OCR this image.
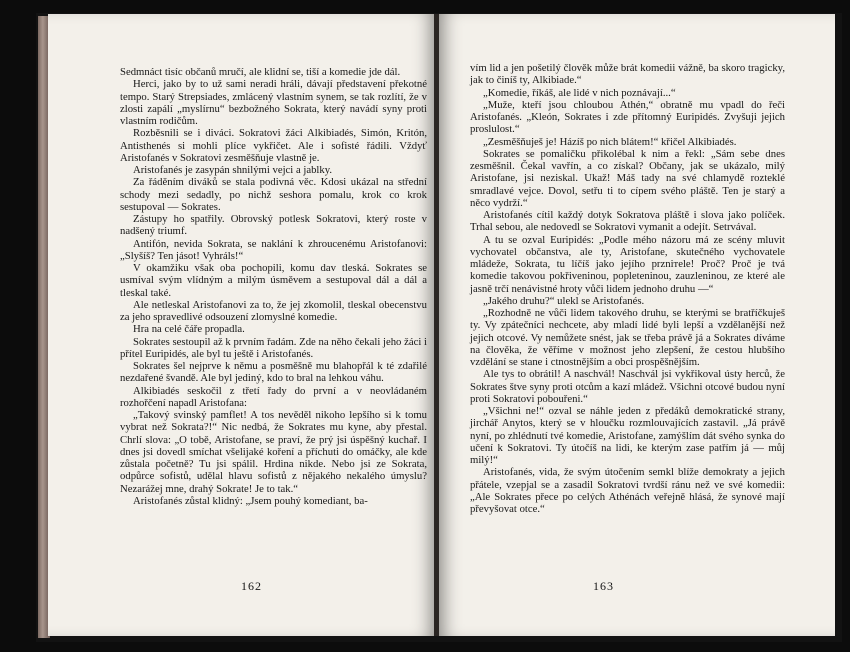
Sedmnáct tisíc občanů mručí, ale klidní se, tiší a komedie jde dál.

Herci, jako by to už sami neradi hráli, dávají představení překotné tempo. Starý Strepsiades, zmlácený vlastním synem, se tak rozlítí, že v zlosti zapálí „myslírnu“ bezbožného Sokrata, který navádí syny proti vlastním rodičům.

Rozběsnili se i diváci. Sokratovi žáci Alkibiadés, Simón, Kritón, Antisthenés si mohli plíce vykřičet. Ale i sofisté řádili. Vždyť Aristofanés v Sokratovi zesměšňuje vlastně je.

Aristofanés je zasypán shnilými vejci a jablky.

Za řáděním diváků se stala podivná věc. Kdosi ukázal na střední schody mezi sedadly, po nichž seshora pomalu, krok co krok sestupoval — Sokrates.

Zástupy ho spatřily. Obrovský potlesk Sokratovi, který roste v nadšený triumf.

Antifón, nevida Sokrata, se naklání k zhroucenému Aristofanovi: „Slyšíš? Ten jásot! Vyhráls!“

V okamžiku však oba pochopili, komu dav tleská. Sokrates se usmíval svým vlídným a milým úsměvem a sestupoval dál a dál a tleskal také.

Ale netleskal Aristofanovi za to, že jej zkomolil, tleskal obecenstvu za jeho spravedlivé odsouzení zlomyslné komedie.

Hra na celé čáře propadla.

Sokrates sestoupil až k prvním řadám. Zde na něho čekali jeho žáci i přítel Euripidés, ale byl tu ještě i Aristofanés.

Sokrates šel nejprve k němu a posměšně mu blahopřál k té zdařilé nezdařené švandě. Ale byl jediný, kdo to bral na lehkou váhu.

Alkibiadés seskočil z třetí řady do první a v neovládaném rozhořčení napadl Aristofana:

„Takový svinský pamflet! A tos nevěděl nikoho lepšího si k tomu vybrat než Sokrata?!“ Nic nedbá, že Sokrates mu kyne, aby přestal. Chrlí slova: „O tobě, Aristofane, se praví, že prý jsi úspěšný kuchař. I dnes jsi dovedl smíchat všelijaké koření a příchuti do omáčky, ale kde zůstala početně? Tu jsi spálil. Hrdina nikde. Nebo jsi ze Sokrata, odpůrce sofistů, udělal hlavu sofistů z nějakého nekalého úmyslu? Nezarážej mne, drahý Sokrate! Je to tak.“

Aristofanés zůstal klidný: „Jsem pouhý komediant, ba-

162

vím lid a jen pošetilý člověk může brát komedii vážně, ba skoro tragicky, jak to činíš ty, Alkibiade.“

„Komedie, říkáš, ale lidé v nich poznávají...“

„Muže, kteří jsou chloubou Athén,“ obratně mu vpadl do řeči Aristofanés. „Kleón, Sokrates i zde přítomný Euripidés. Zvyšuji jejich proslulost.“

„Zesměšňuješ je! Házíš po nich blátem!“ křičel Alkibiadés.

Sokrates se pomaličku přikolébal k nim a řekl: „Sám sebe dnes zesměšnil. Čekal vavřín, a co získal? Občany, jak se ukázalo, milý Aristofane, jsi neziskal. Ukaž! Máš tady na své chlamydě rozteklé smradlavé vejce. Dovol, setřu ti to cípem svého pláště. Ten je starý a něco vydrží.“

Aristofanés cítil každý dotyk Sokratova pláště i slova jako políček. Trhal sebou, ale nedovedl se Sokratovi vymanit a odejít. Setrvával.

A tu se ozval Euripidés: „Podle mého názoru má ze scény mluvit vychovatel občanstva, ale ty, Aristofane, skutečného vychovatele mládeže, Sokrata, tu líčíš jako jejího przniтele! Proč? Proč je tvá komedie takovou pokřiveninou, popleteninou, zauzleninou, ze které ale jasně trčí nenávistné hroty vůči lidem jednoho druhu —“

„Jakého druhu?“ ulekl se Aristofanés.

„Rozhodně ne vůči lidem takového druhu, se kterými se bratříčkuješ ty. Vy zpátečníci nechcete, aby mladí lidé byli lepší a vzdělanější než jejich otcové. Vy nemůžete snést, jak se třeba právě já a Sokrates díváme na člověka, že věříme v možnost jeho zlepšení, že cestou hlubšího vzdělání se stane i ctnostnějším a obci prospěšnějším.

Ale tys to obrátil! A naschvál! Naschvál jsi vykřikoval ústy herců, že Sokrates štve syny proti otcům a kazí mládež. Všichni otcové budou nyní proti Sokratovi pobouřeni.“

„Všichni ne!“ ozval se náhle jeden z předáků demokratické strany, jirchář Anytos, který se v hloučku rozmlouvajících zastavil. „Já právě nyní, po zhlédnutí tvé komedie, Aristofane, zamýšlím dát svého synka do učení k Sokratovi. Ty útočíš na lidi, ke kterým zase patřím já — můj milý!“

Aristofanés, vida, že svým útočením semkl blíže demokraty a jejich přátele, vzepjal se a zasadil Sokratovi tvrdší ránu než ve své komedii: „Ale Sokrates přece po celých Athénách veřejně hlásá, že synové mají převyšovat otce.“

163
